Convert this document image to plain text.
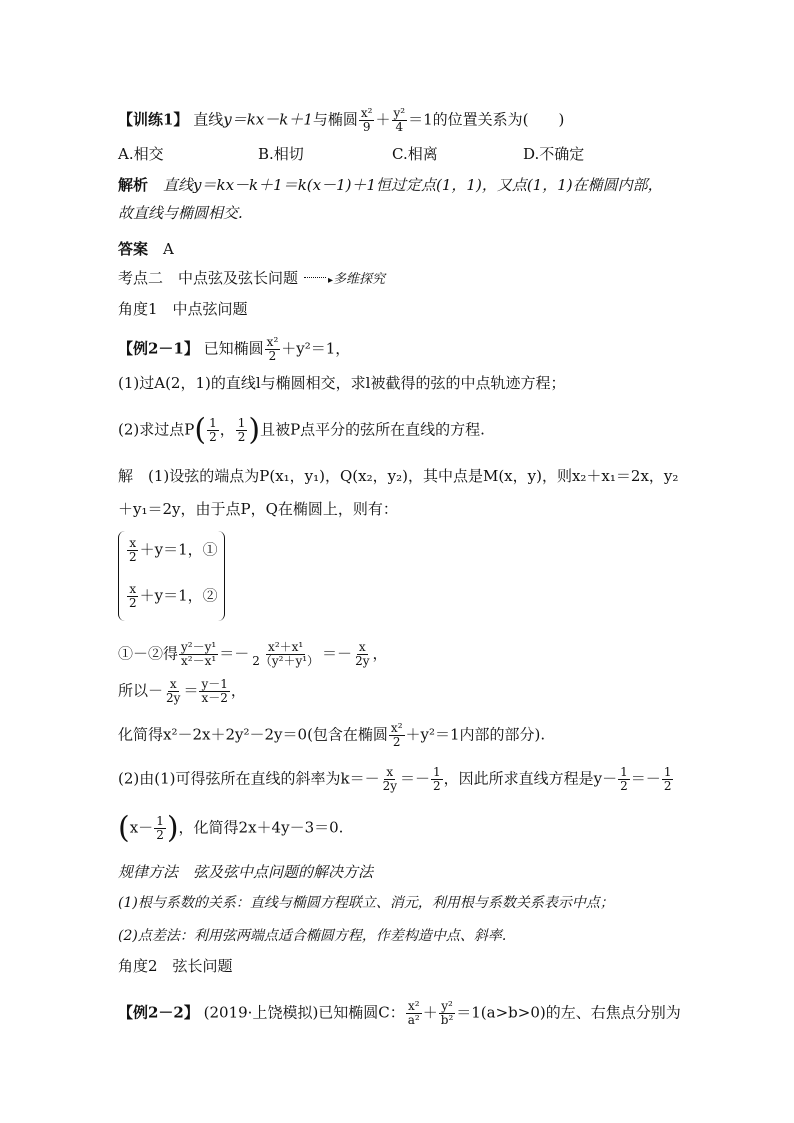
【训练1】 直线y＝kx－k＋1与椭圆 $\frac{\text{x²}}{9} + \frac{\text{y²}}{4} =1$的位置关系为(　　)
A.相交	B.相切	C.相离	D.不确定
解析　 直线y＝kx－k＋1＝k(x－1)＋1恒过定点(1，1)，又点(1，1)在椭圆内部，
故直线与椭圆相交.
答案　 A
考点二　中点弦及弦长问题	▸多维探究
角度1　中点弦问题
【例2－1】 已知椭圆 $\frac{\text{x²}}{2} +y^2=1$，
(1)过A(2，1)的直线l与椭圆相交，求l被截得的弦的中点轨迹方程；
(2)求过点$P( \frac{1}{2}$ ， $\frac{1}{2}$ )且被P点平分的弦所在直线的方程.
解　(1)设弦的端点为P(x₁，y₁)，Q(x₂，y₂)，其中点是M(x，y)，则x₂＋x₁＝2x，y₂
＋y₁＝2y，由于点P，Q在椭圆上，则有：
$\frac{x}{2} +y=1$，①
$\frac{x}{2} +y=1$，②
①－②得 $\frac{\text{y²－y¹}}{\text{x²－x¹}} =- \frac{\text{x²＋x¹}}{\text{2（y²＋y¹）}} =- \frac{x}{2y}$ ，
所以－ $\frac{x}{2y} = \frac{y-1}{x-2}$ ，
化简得x²－2x＋2y²－2y＝0(包含在椭圆 $\frac{\text{x²}}{2} +y^2=1$内部的部分).
(2)由(1)可得弦所在直线的斜率为$k=- \frac{x}{2y} =- \frac{1}{2}$ ，因此所求直线方程是$y- \frac{1}{2} =- \frac{1}{2}$
($x- \frac{1}{2}$ )，化简得2x＋4y－3＝0.
规律方法　弦及弦中点问题的解决方法
(1)根与系数的关系：直线与椭圆方程联立、消元，利用根与系数关系表示中点；
(2)点差法：利用弦两端点适合椭圆方程，作差构造中点、斜率.
角度2　弦长问题
【例2－2】 (2019·上饶模拟)已知椭圆C： $\frac{\text{x²}}{\text{a²}} + \frac{\text{y²}}{\text{b²}} =1(a>b>0)$的左、右焦点分别为
